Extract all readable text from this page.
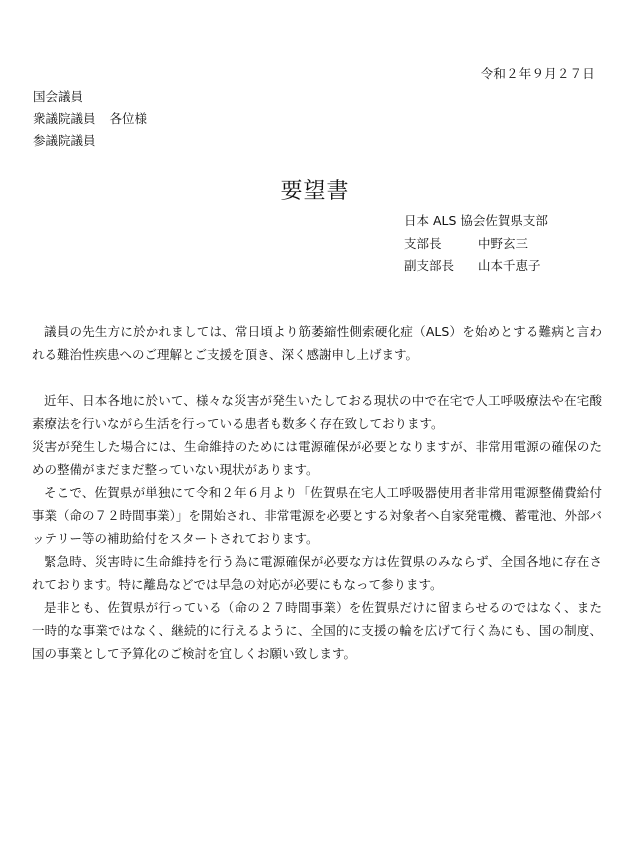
令和２年９月２７日
国会議員
衆議院議員 各位様
参議院議員
要望書
日本 ALS 協会佐賀県支部
支部長	中野玄三
副支部長 山本千恵子

議員の先生方に於かれましては、常日頃より筋萎縮性側索硬化症（ALS）を始めとする難病と言われる難治性疾患へのご理解とご支援を頂き、深く感謝申し上げます。

近年、日本各地に於いて、様々な災害が発生いたしておる現状の中で在宅で人工呼吸療法や在宅酸素療法を行いながら生活を行っている患者も数多く存在致しております。

災害が発生した場合には、生命維持のためには電源確保が必要となりますが、非常用電源の確保のための整備がまだまだ整っていない現状があります。

そこで、佐賀県が単独にて令和２年６月より「佐賀県在宅人工呼吸器使用者非常用電源整備費給付事業（命の７２時間事業）」を開始され、非常電源を必要とする対象者へ自家発電機、蓄電池、外部バッテリー等の補助給付をスタートされております。

緊急時、災害時に生命維持を行う為に電源確保が必要な方は佐賀県のみならず、全国各地に存在されております。特に離島などでは早急の対応が必要にもなって参ります。

是非とも、佐賀県が行っている（命の２７時間事業）を佐賀県だけに留まらせるのではなく、また一時的な事業ではなく、継続的に行えるように、全国的に支援の輪を広げて行く為にも、国の制度、国の事業として予算化のご検討を宜しくお願い致します。
